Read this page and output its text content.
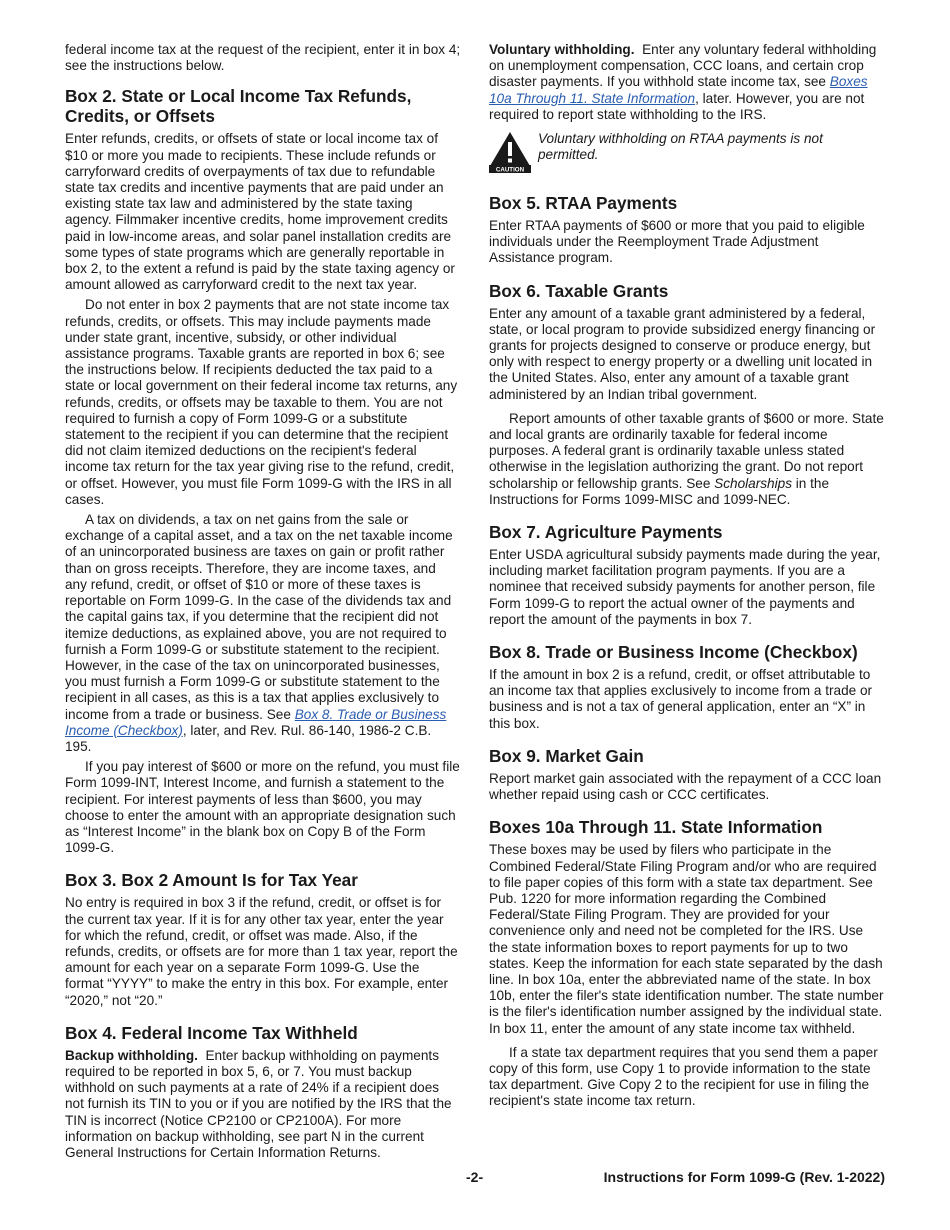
federal income tax at the request of the recipient, enter it in box 4; see the instructions below.

Box 2. State or Local Income Tax Refunds, Credits, or Offsets

Enter refunds, credits, or offsets of state or local income tax of $10 or more you made to recipients. These include refunds or carryforward credits of overpayments of tax due to refundable state tax credits and incentive payments that are paid under an existing state tax law and administered by the state taxing agency. Filmmaker incentive credits, home improvement credits paid in low-income areas, and solar panel installation credits are some types of state programs which are generally reportable in box 2, to the extent a refund is paid by the state taxing agency or amount allowed as carryforward credit to the next tax year.

Do not enter in box 2 payments that are not state income tax refunds, credits, or offsets. This may include payments made under state grant, incentive, subsidy, or other individual assistance programs. Taxable grants are reported in box 6; see the instructions below. If recipients deducted the tax paid to a state or local government on their federal income tax returns, any refunds, credits, or offsets may be taxable to them. You are not required to furnish a copy of Form 1099-G or a substitute statement to the recipient if you can determine that the recipient did not claim itemized deductions on the recipient's federal income tax return for the tax year giving rise to the refund, credit, or offset. However, you must file Form 1099-G with the IRS in all cases.

A tax on dividends, a tax on net gains from the sale or exchange of a capital asset, and a tax on the net taxable income of an unincorporated business are taxes on gain or profit rather than on gross receipts. Therefore, they are income taxes, and any refund, credit, or offset of $10 or more of these taxes is reportable on Form 1099-G. In the case of the dividends tax and the capital gains tax, if you determine that the recipient did not itemize deductions, as explained above, you are not required to furnish a Form 1099-G or substitute statement to the recipient. However, in the case of the tax on unincorporated businesses, you must furnish a Form 1099-G or substitute statement to the recipient in all cases, as this is a tax that applies exclusively to income from a trade or business. See Box 8. Trade or Business Income (Checkbox), later, and Rev. Rul. 86-140, 1986-2 C.B. 195.

If you pay interest of $600 or more on the refund, you must file Form 1099-INT, Interest Income, and furnish a statement to the recipient. For interest payments of less than $600, you may choose to enter the amount with an appropriate designation such as “Interest Income” in the blank box on Copy B of the Form 1099-G.

Box 3. Box 2 Amount Is for Tax Year

No entry is required in box 3 if the refund, credit, or offset is for the current tax year. If it is for any other tax year, enter the year for which the refund, credit, or offset was made. Also, if the refunds, credits, or offsets are for more than 1 tax year, report the amount for each year on a separate Form 1099-G. Use the format “YYYY” to make the entry in this box. For example, enter “2020,” not “20.”

Box 4. Federal Income Tax Withheld

Backup withholding. Enter backup withholding on payments required to be reported in box 5, 6, or 7. You must backup withhold on such payments at a rate of 24% if a recipient does not furnish its TIN to you or if you are notified by the IRS that the TIN is incorrect (Notice CP2100 or CP2100A). For more information on backup withholding, see part N in the current General Instructions for Certain Information Returns.

Voluntary withholding. Enter any voluntary federal withholding on unemployment compensation, CCC loans, and certain crop disaster payments. If you withhold state income tax, see Boxes 10a Through 11. State Information, later. However, you are not required to report state withholding to the IRS.

CAUTION
Voluntary withholding on RTAA payments is not permitted.
Box 5. RTAA Payments

Enter RTAA payments of $600 or more that you paid to eligible individuals under the Reemployment Trade Adjustment Assistance program.

Box 6. Taxable Grants

Enter any amount of a taxable grant administered by a federal, state, or local program to provide subsidized energy financing or grants for projects designed to conserve or produce energy, but only with respect to energy property or a dwelling unit located in the United States. Also, enter any amount of a taxable grant administered by an Indian tribal government.

Report amounts of other taxable grants of $600 or more. State and local grants are ordinarily taxable for federal income purposes. A federal grant is ordinarily taxable unless stated otherwise in the legislation authorizing the grant. Do not report scholarship or fellowship grants. See Scholarships in the Instructions for Forms 1099-MISC and 1099-NEC.

Box 7. Agriculture Payments

Enter USDA agricultural subsidy payments made during the year, including market facilitation program payments. If you are a nominee that received subsidy payments for another person, file Form 1099-G to report the actual owner of the payments and report the amount of the payments in box 7.

Box 8. Trade or Business Income (Checkbox)

If the amount in box 2 is a refund, credit, or offset attributable to an income tax that applies exclusively to income from a trade or business and is not a tax of general application, enter an “X” in this box.

Box 9. Market Gain

Report market gain associated with the repayment of a CCC loan whether repaid using cash or CCC certificates.

Boxes 10a Through 11. State Information

These boxes may be used by filers who participate in the Combined Federal/State Filing Program and/or who are required to file paper copies of this form with a state tax department. See Pub. 1220 for more information regarding the Combined Federal/State Filing Program. They are provided for your convenience only and need not be completed for the IRS. Use the state information boxes to report payments for up to two states. Keep the information for each state separated by the dash line. In box 10a, enter the abbreviated name of the state. In box 10b, enter the filer's state identification number. The state number is the filer's identification number assigned by the individual state. In box 11, enter the amount of any state income tax withheld.

If a state tax department requires that you send them a paper copy of this form, use Copy 1 to provide information to the state tax department. Give Copy 2 to the recipient for use in filing the recipient's state income tax return.

-2-	Instructions for Form 1099-G (Rev. 1-2022)
